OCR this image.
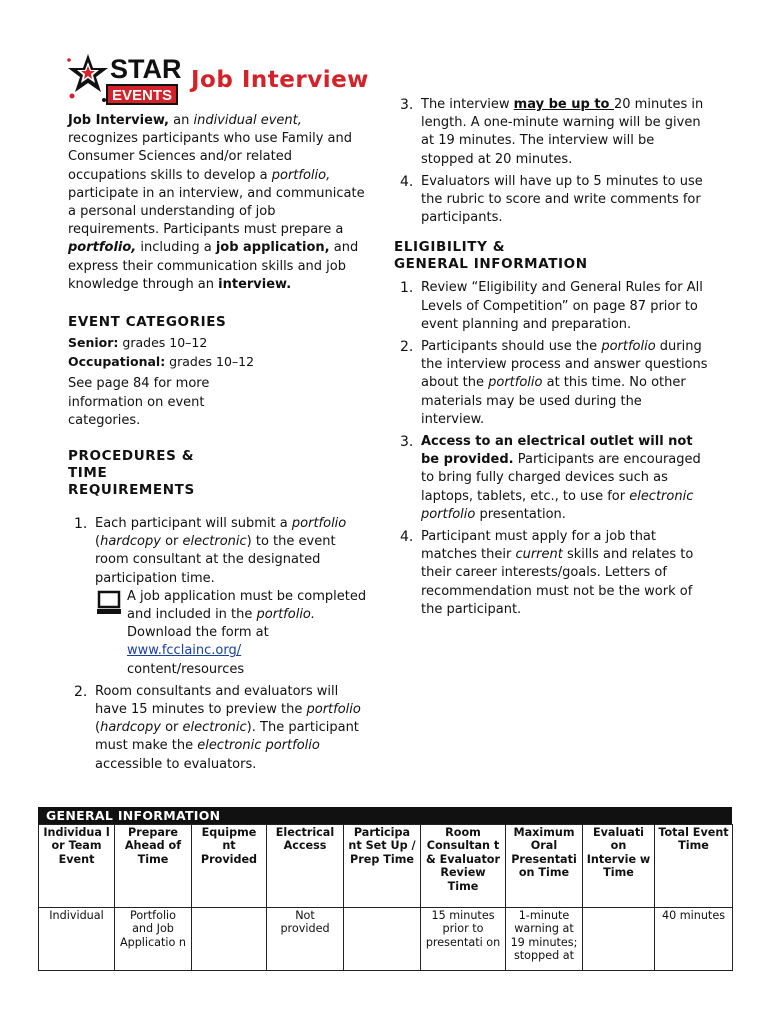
STAR
EVENTS
Job Interview

Job Interview, an individual event, recognizes participants who use Family and Consumer Sciences and/or related occupations skills to develop a portfolio, participate in an interview, and communicate a personal understanding of job requirements. Participants must prepare a portfolio, including a job application, and express their communication skills and job knowledge through an interview.

EVENT CATEGORIES

Senior: grades 10–12

Occupational: grades 10–12

See page 84 for more information on event categories.

PROCEDURES &
TIME
REQUIREMENTS

1. Each participant will submit a portfolio (hardcopy or electronic) to the event room consultant at the designated participation time.
A job application must be completed and included in the portfolio.
Download the form at
www.fcclainc.org/
content/resources
2. Room consultants and evaluators will have 15 minutes to preview the portfolio (hardcopy or electronic). The participant must make the electronic portfolio accessible to evaluators.
3. The interview may be up to 20 minutes in length. A one-minute warning will be given at 19 minutes. The interview will be stopped at 20 minutes.
4. Evaluators will have up to 5 minutes to use the rubric to score and write comments for participants.

ELIGIBILITY &
GENERAL INFORMATION

1. Review “Eligibility and General Rules for All Levels of Competition” on page 87 prior to event planning and preparation.
2. Participants should use the portfolio during the interview process and answer questions about the portfolio at this time. No other materials may be used during the interview.
3. Access to an electrical outlet will not be provided. Participants are encouraged to bring fully charged devices such as laptops, tablets, etc., to use for electronic portfolio presentation.
4. Participant must apply for a job that matches their current skills and relates to their career interests/goals. Letters of recommendation must not be the work of the participant.
GENERAL INFORMATION
Individua l or Team Event	Prepare Ahead of Time	Equipme nt Provided	Electrical Access	Participa nt Set Up / Prep Time	Room Consultan t & Evaluator Review Time	Maximum Oral Presentati on Time	Evaluati on Intervie w Time	Total Event Time
Individual	Portfolio and Job Applicatio n		Not provided		15 minutes prior to presentati on	1-minute warning at 19 minutes; stopped at		40 minutes
